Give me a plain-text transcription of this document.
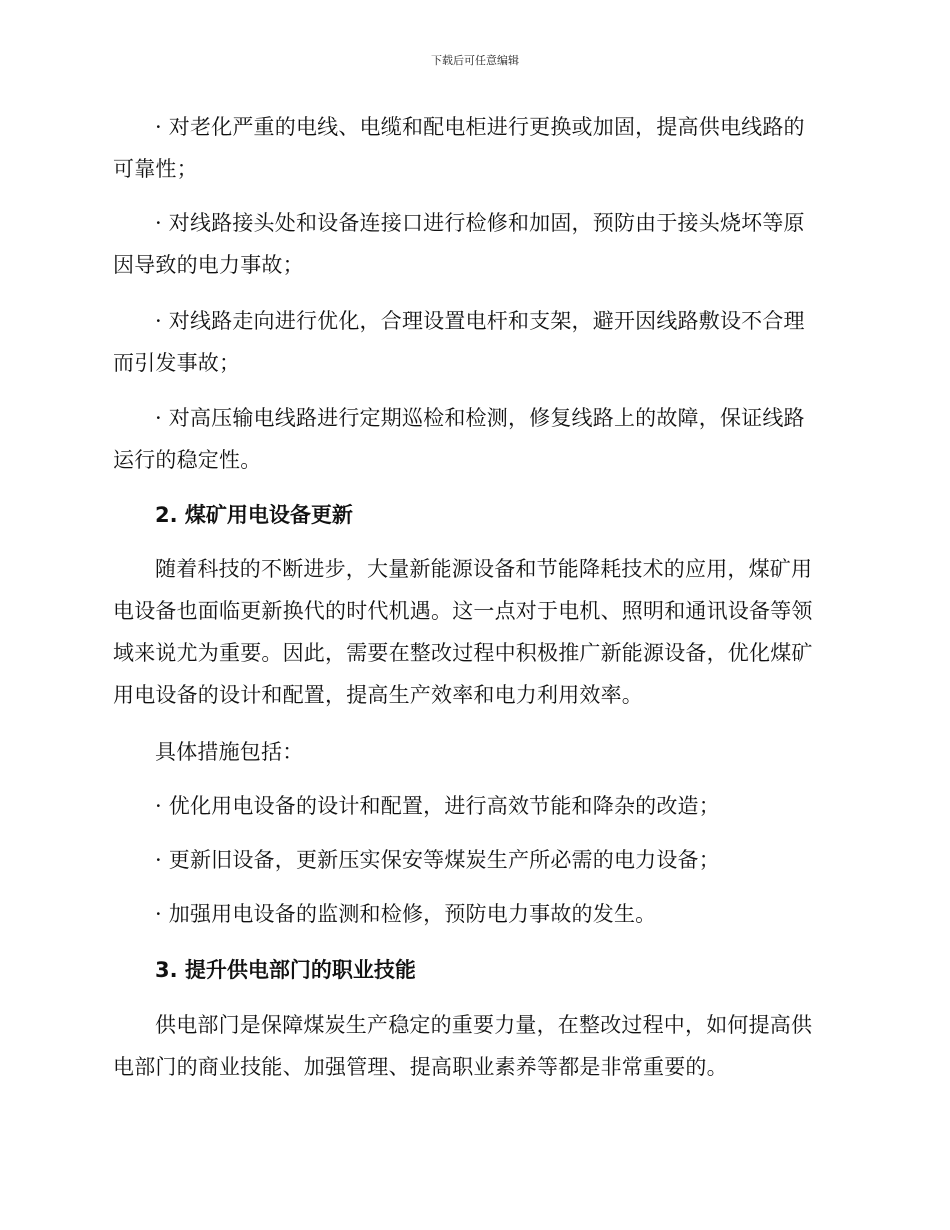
下载后可任意编辑
· 对老化严重的电线、电缆和配电柜进行更换或加固，提高供电线路的
可靠性；
· 对线路接头处和设备连接口进行检修和加固，预防由于接头烧坏等原
因导致的电力事故；
· 对线路走向进行优化，合理设置电杆和支架，避开因线路敷设不合理
而引发事故；
· 对高压输电线路进行定期巡检和检测，修复线路上的故障，保证线路
运行的稳定性。
2. 煤矿用电设备更新
随着科技的不断进步，大量新能源设备和节能降耗技术的应用，煤矿用
电设备也面临更新换代的时代机遇。这一点对于电机、照明和通讯设备等领
域来说尤为重要。因此，需要在整改过程中积极推广新能源设备，优化煤矿
用电设备的设计和配置，提高生产效率和电力利用效率。
具体措施包括：
· 优化用电设备的设计和配置，进行高效节能和降杂的改造；
· 更新旧设备，更新压实保安等煤炭生产所必需的电力设备；
· 加强用电设备的监测和检修，预防电力事故的发生。
3. 提升供电部门的职业技能
供电部门是保障煤炭生产稳定的重要力量，在整改过程中，如何提高供
电部门的商业技能、加强管理、提高职业素养等都是非常重要的。
